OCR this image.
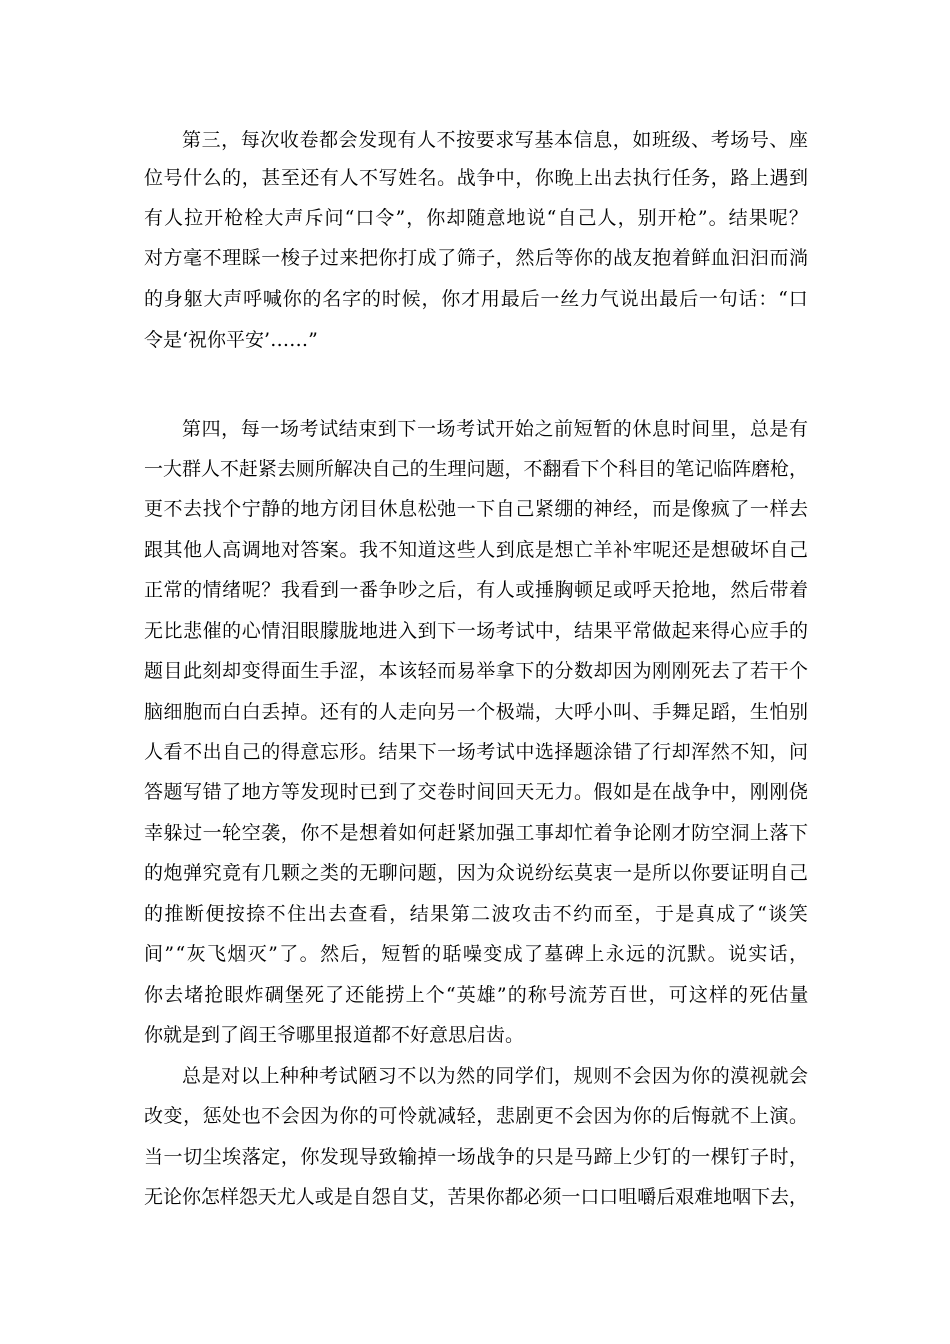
第三，每次收卷都会发现有人不按要求写基本信息，如班级、考场号、座
位号什么的，甚至还有人不写姓名。战争中，你晚上出去执行任务，路上遇到
有人拉开枪栓大声斥问“口令”，你却随意地说“自己人，别开枪”。结果呢？
对方毫不理睬一梭子过来把你打成了筛子，然后等你的战友抱着鲜血汩汩而淌
的身躯大声呼喊你的名字的时候，你才用最后一丝力气说出最后一句话：“口
令是‘祝你平安’……”
第四，每一场考试结束到下一场考试开始之前短暂的休息时间里，总是有
一大群人不赶紧去厕所解决自己的生理问题，不翻看下个科目的笔记临阵磨枪，
更不去找个宁静的地方闭目休息松弛一下自己紧绷的神经，而是像疯了一样去
跟其他人高调地对答案。我不知道这些人到底是想亡羊补牢呢还是想破坏自己
正常的情绪呢？我看到一番争吵之后，有人或捶胸顿足或呼天抢地，然后带着
无比悲催的心情泪眼朦胧地进入到下一场考试中，结果平常做起来得心应手的
题目此刻却变得面生手涩，本该轻而易举拿下的分数却因为刚刚死去了若干个
脑细胞而白白丢掉。还有的人走向另一个极端，大呼小叫、手舞足蹈，生怕别
人看不出自己的得意忘形。结果下一场考试中选择题涂错了行却浑然不知，问
答题写错了地方等发现时已到了交卷时间回天无力。假如是在战争中，刚刚侥
幸躲过一轮空袭，你不是想着如何赶紧加强工事却忙着争论刚才防空洞上落下
的炮弹究竟有几颗之类的无聊问题，因为众说纷纭莫衷一是所以你要证明自己
的推断便按捺不住出去查看，结果第二波攻击不约而至，于是真成了“谈笑
间”“灰飞烟灭”了。然后，短暂的聒噪变成了墓碑上永远的沉默。说实话，
你去堵抢眼炸碉堡死了还能捞上个“英雄”的称号流芳百世，可这样的死估量
你就是到了阎王爷哪里报道都不好意思启齿。
总是对以上种种考试陋习不以为然的同学们，规则不会因为你的漠视就会
改变，惩处也不会因为你的可怜就减轻，悲剧更不会因为你的后悔就不上演。
当一切尘埃落定，你发现导致输掉一场战争的只是马蹄上少钉的一棵钉子时，
无论你怎样怨天尤人或是自怨自艾，苦果你都必须一口口咀嚼后艰难地咽下去，
